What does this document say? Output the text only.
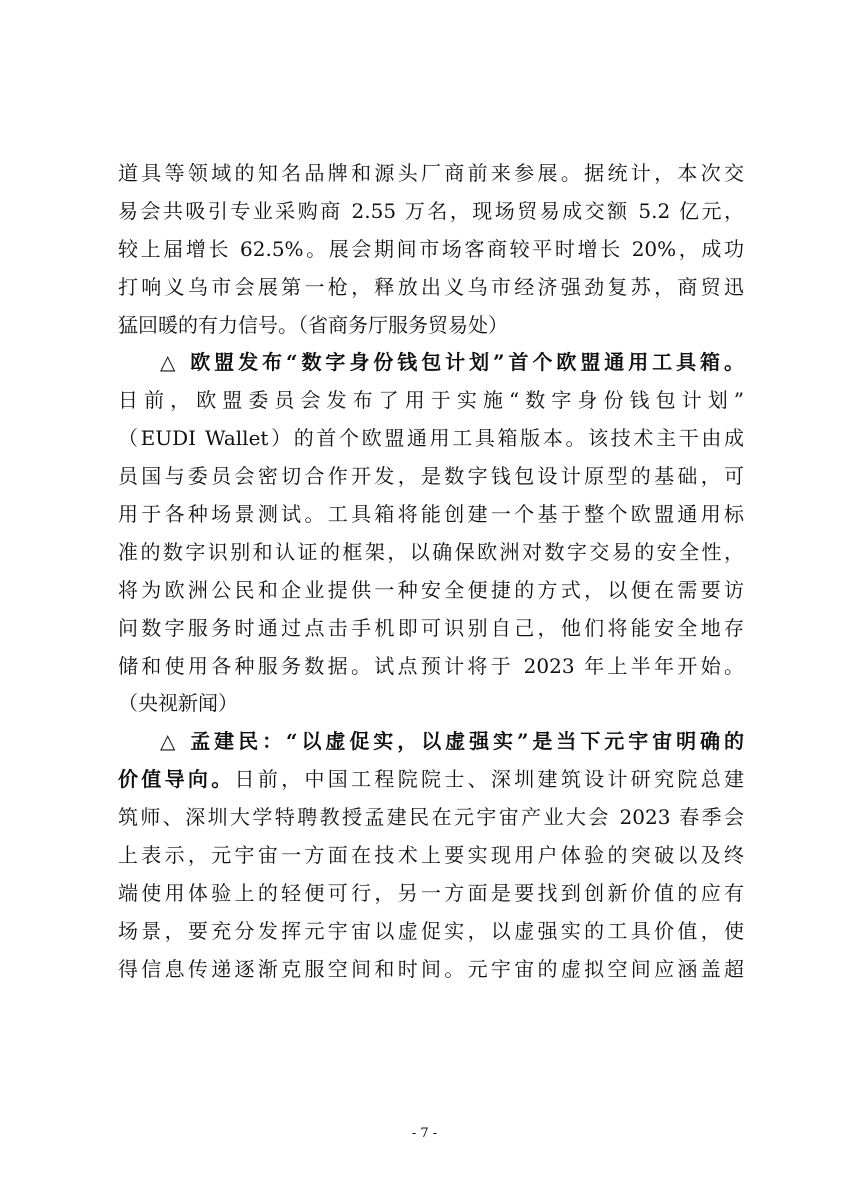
道具等领域的知名品牌和源头厂商前来参展。据统计，本次交
易会共吸引专业采购商 2.55 万名，现场贸易成交额 5.2 亿元，
较上届增长 62.5%。展会期间市场客商较平时增长 20%，成功
打响义乌市会展第一枪，释放出义乌市经济强劲复苏，商贸迅
猛回暖的有力信号。（省商务厅服务贸易处）
△ 欧盟发布“数字身份钱包计划”首个欧盟通用工具箱。
日前，欧盟委员会发布了用于实施“数字身份钱包计划”
（EUDI Wallet）的首个欧盟通用工具箱版本。该技术主干由成
员国与委员会密切合作开发，是数字钱包设计原型的基础，可
用于各种场景测试。工具箱将能创建一个基于整个欧盟通用标
准的数字识别和认证的框架，以确保欧洲对数字交易的安全性，
将为欧洲公民和企业提供一种安全便捷的方式，以便在需要访
问数字服务时通过点击手机即可识别自己，他们将能安全地存
储和使用各种服务数据。试点预计将于 2023 年上半年开始。
（央视新闻）
△ 孟建民：“以虚促实，以虚强实”是当下元宇宙明确的
价值导向。日前，中国工程院院士、深圳建筑设计研究院总建
筑师、深圳大学特聘教授孟建民在元宇宙产业大会 2023 春季会
上表示，元宇宙一方面在技术上要实现用户体验的突破以及终
端使用体验上的轻便可行，另一方面是要找到创新价值的应有
场景，要充分发挥元宇宙以虚促实，以虚强实的工具价值，使
得信息传递逐渐克服空间和时间。元宇宙的虚拟空间应涵盖超
- 7 -
